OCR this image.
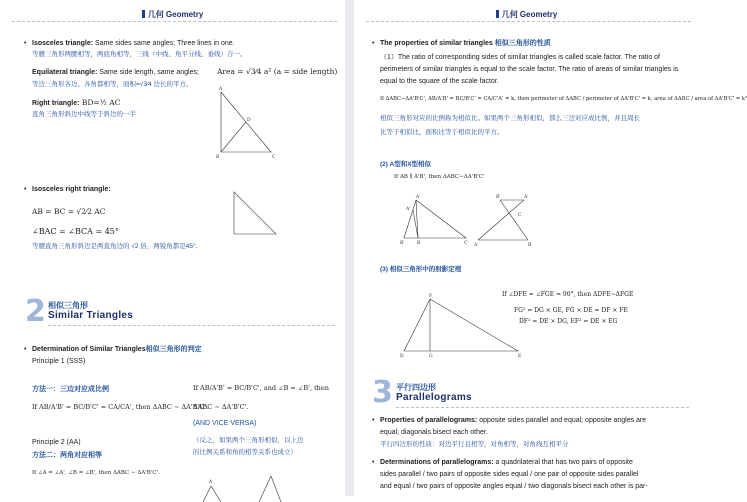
几何 Geometry
• Isosceles triangle: Same sides same angles; Three lines in one.
等腰三角形两腰相等，两底角相等，三线（中线、角平分线、垂线）合一。
Equilateral triangle: Same side length, same angles; Area = √3⁄4 a² (a = side length)
等边三角形各边、各角都相等，面积=√3⁄4 边长的平方。
Right triangle: BD=½ AC
直角三角形斜边中线等于斜边的一半
A
D
B	C
• Isosceles right triangle:
AB = BC = √2⁄2 AC
∠BAC = ∠BCA = 45°
等腰直角三角形斜边是两直角边的 √2 倍，两锐角都是45°.
2 相似三角形
Similar Triangles
• Determination of Similar Triangles相似三角形的判定
Principle 1 (SSS)
方法一：三边对应成比例
If AB/A'B' = BC/B'C' = CA/CA', then ΔABC ∼ ΔA'B'C'.
If AB/A'B' = BC/B'C', and ∠B = ∠B', then
ΔABC ∼ ΔA'B'C'.
(AND VICE VERSA)
（反之，如果两个三角形相似，以上边
的比例关系和角的相等关系也成立）
Principle 2 (AA)
方法二：两角对应相等
If ∠A = ∠A', ∠B = ∠B', then ΔABC ∼ ΔA'B'C'.
A
几何 Geometry
• The properties of similar triangles 相似三角形的性质
（1）The ratio of corresponding sides of similar triangles is called scale factor. The ratio of perimeters of similar triangles is equal to the scale factor. The ratio of areas of similar triangles is equal to the square of the scale factor.
If ΔABC∼ΔA'B'C', AB/A'B' = BC/B'C' = CA/C'A' = k, then perimeter of ΔABC / perimeter of ΔA'B'C' = k, area of ΔABC / area of ΔA'B'C' = k²
相似三角形对应的比例称为相似比。如果两个三角形相似，那么三边对应成比例，并且周长
比等于相似比，面积比等于相似比的平方。
(2) A型和X型相似
If AB ∥ A'B', then ΔABC∼ΔA'B'C'
A
A'
B'	B	C'
B'	A'
C
A	B
(3) 相似三角形中的射影定理
If ∠DFE = ∠FGE = 90°, then ΔDFE∼ΔFGE
FG² = DG × GE, FG × DE = DF × FE
DF² = DE × DG, EF² = DE × EG
F
D	G	E
3 平行四边形
Parallelograms
• Properties of parallelograms: opposite sides parallel and equal; opposite angles are
equal; diagonals bisect each other.
平行四边形的性质：对边平行且相等，对角相等，对角线互相平分
• Determinations of parallelograms: a quadrilateral that has two pairs of opposite
sides parallel / two pairs of opposite sides equal / one pair of opposite sides parallel
and equal / two pairs of opposite angles equal / two diagonals bisect each other is par-
